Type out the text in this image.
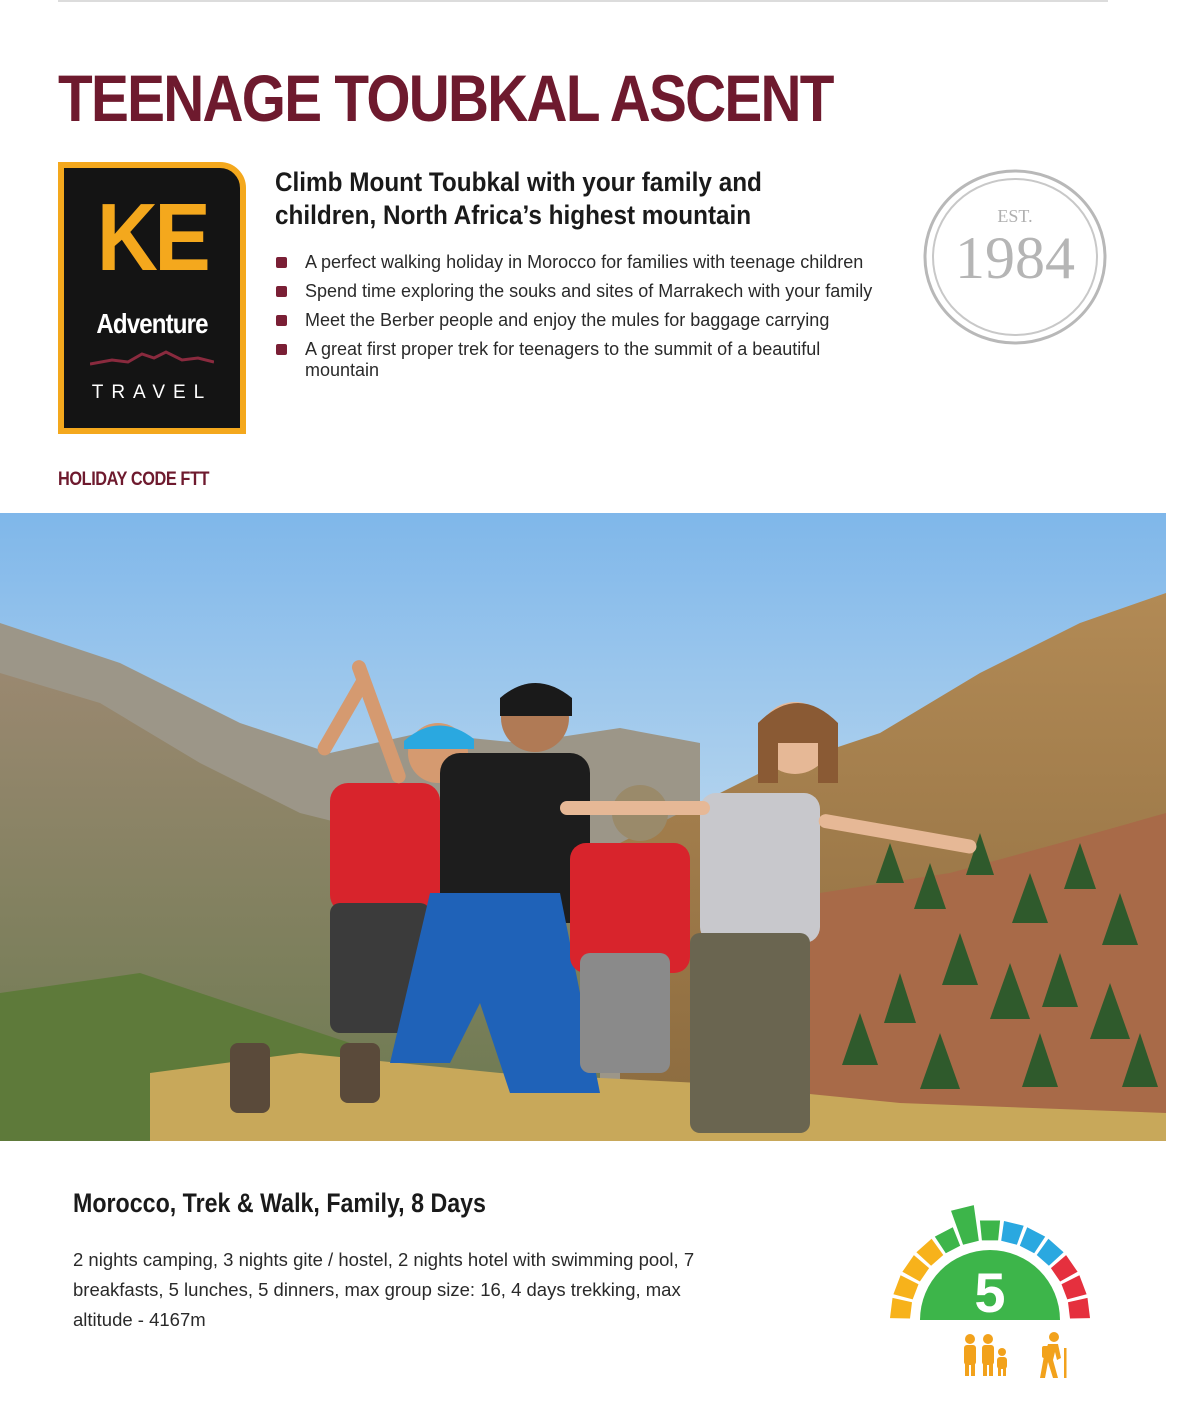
TEENAGE TOUBKAL ASCENT
KE
Adventure
TRAVEL
Climb Mount Toubkal with your family and children, North Africa’s highest mountain
A perfect walking holiday in Morocco for families with teenage children
Spend time exploring the souks and sites of Marrakech with your family
Meet the Berber people and enjoy the mules for baggage carrying
A great first proper trek for teenagers to the summit of a beautiful mountain
EST.
1984
HOLIDAY CODE FTT
Morocco, Trek & Walk, Family, 8 Days

2 nights camping, 3 nights gite / hostel, 2 nights hotel with swimming pool, 7 breakfasts, 5 lunches, 5 dinners, max group size: 16, 4 days trekking, max altitude - 4167m	5
